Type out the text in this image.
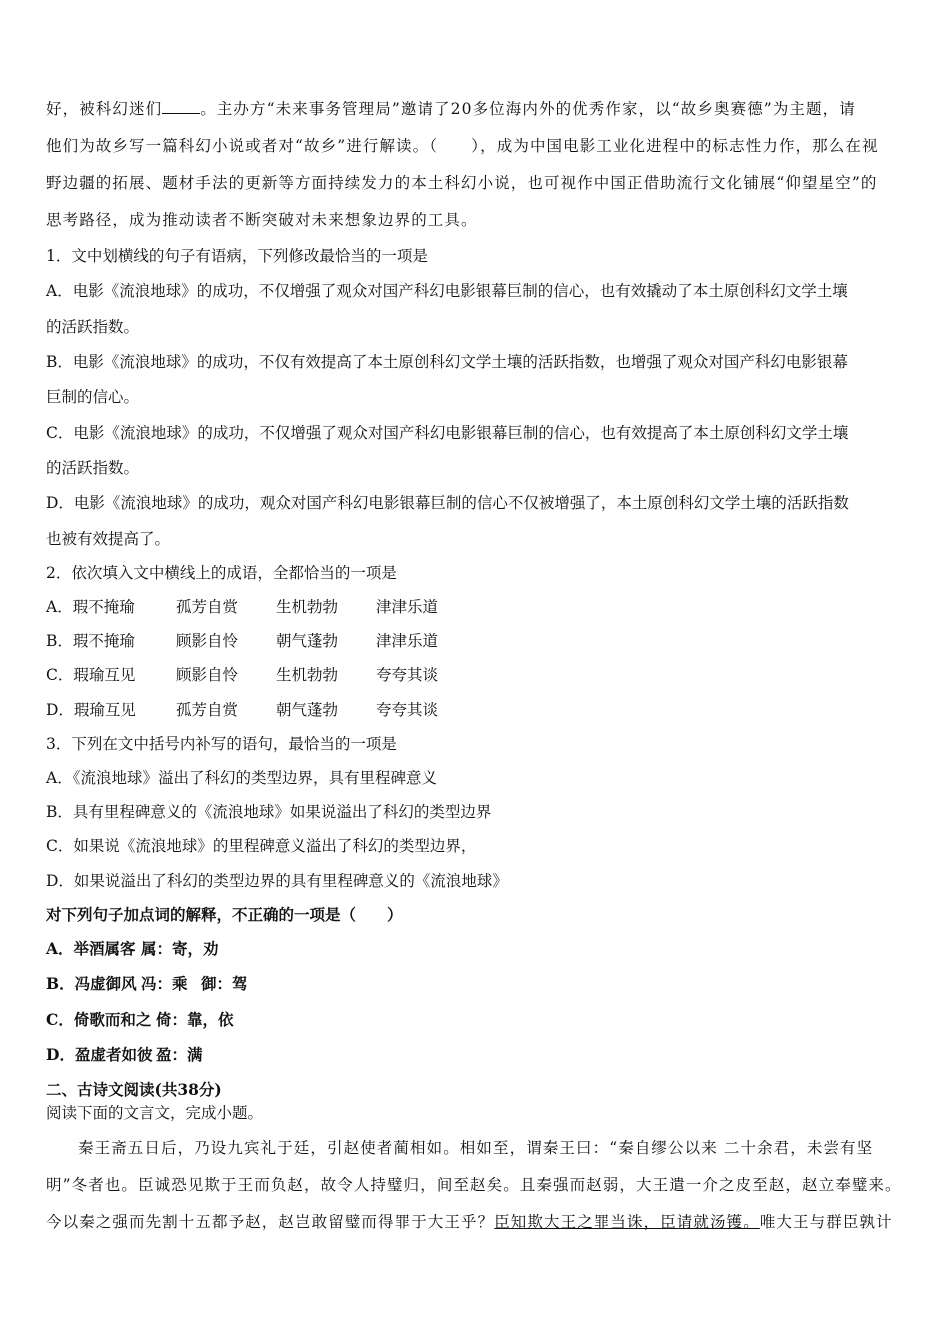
好，被科幻迷们 。主办方“未来事务管理局”邀请了20多位海内外的优秀作家，以“故乡奥赛德”为主题，请
他们为故乡写一篇科幻小说或者对“故乡”进行解读。（　　），成为中国电影工业化进程中的标志性力作，那么在视
野边疆的拓展、题材手法的更新等方面持续发力的本土科幻小说，也可视作中国正借助流行文化铺展“仰望星空”的
思考路径，成为推动读者不断突破对未来想象边界的工具。
1．文中划横线的句子有语病，下列修改最恰当的一项是
A．电影《流浪地球》的成功，不仅增强了观众对国产科幻电影银幕巨制的信心，也有效撬动了本土原创科幻文学土壤
的活跃指数。
B．电影《流浪地球》的成功，不仅有效提高了本土原创科幻文学土壤的活跃指数，也增强了观众对国产科幻电影银幕
巨制的信心。
C．电影《流浪地球》的成功，不仅增强了观众对国产科幻电影银幕巨制的信心，也有效提高了本土原创科幻文学土壤
的活跃指数。
D．电影《流浪地球》的成功，观众对国产科幻电影银幕巨制的信心不仅被增强了，本土原创科幻文学土壤的活跃指数
也被有效提高了。
2．依次填入文中横线上的成语，全都恰当的一项是
A．瑕不掩瑜	孤芳自赏 生机勃勃 津津乐道
B．瑕不掩瑜	顾影自怜 朝气蓬勃 津津乐道
C．瑕瑜互见	顾影自怜 生机勃勃 夸夸其谈
D．瑕瑜互见	孤芳自赏 朝气蓬勃 夸夸其谈
3．下列在文中括号内补写的语句，最恰当的一项是
A．《流浪地球》溢出了科幻的类型边界，具有里程碑意义
B．具有里程碑意义的《流浪地球》如果说溢出了科幻的类型边界
C．如果说《流浪地球》的里程碑意义溢出了科幻的类型边界，
D．如果说溢出了科幻的类型边界的具有里程碑意义的《流浪地球》
对下列句子加点词的解释，不正确的一项是（　　）
A．举酒属客 属：寄，劝
B．冯虚御风 冯：乘 御：驾
C．倚歌而和之 倚：靠，依
D．盈虚者如彼 盈：满
二、古诗文阅读(共38分)
阅读下面的文言文，完成小题。
秦王斋五日后，乃设九宾礼于廷，引赵使者蔺相如。相如至，谓秦王曰：“秦自缪公以来 二十余君，未尝有坚
明”冬者也。臣诚恐见欺于王而负赵，故令人持璧归，间至赵矣。且秦强而赵弱，大王遣一介之皮至赵，赵立奉璧来。
今以秦之强而先割十五都予赵，赵岂敢留璧而得罪于大王乎？臣知欺大王之罪当诛，臣请就汤镬。唯大王与群臣孰计
